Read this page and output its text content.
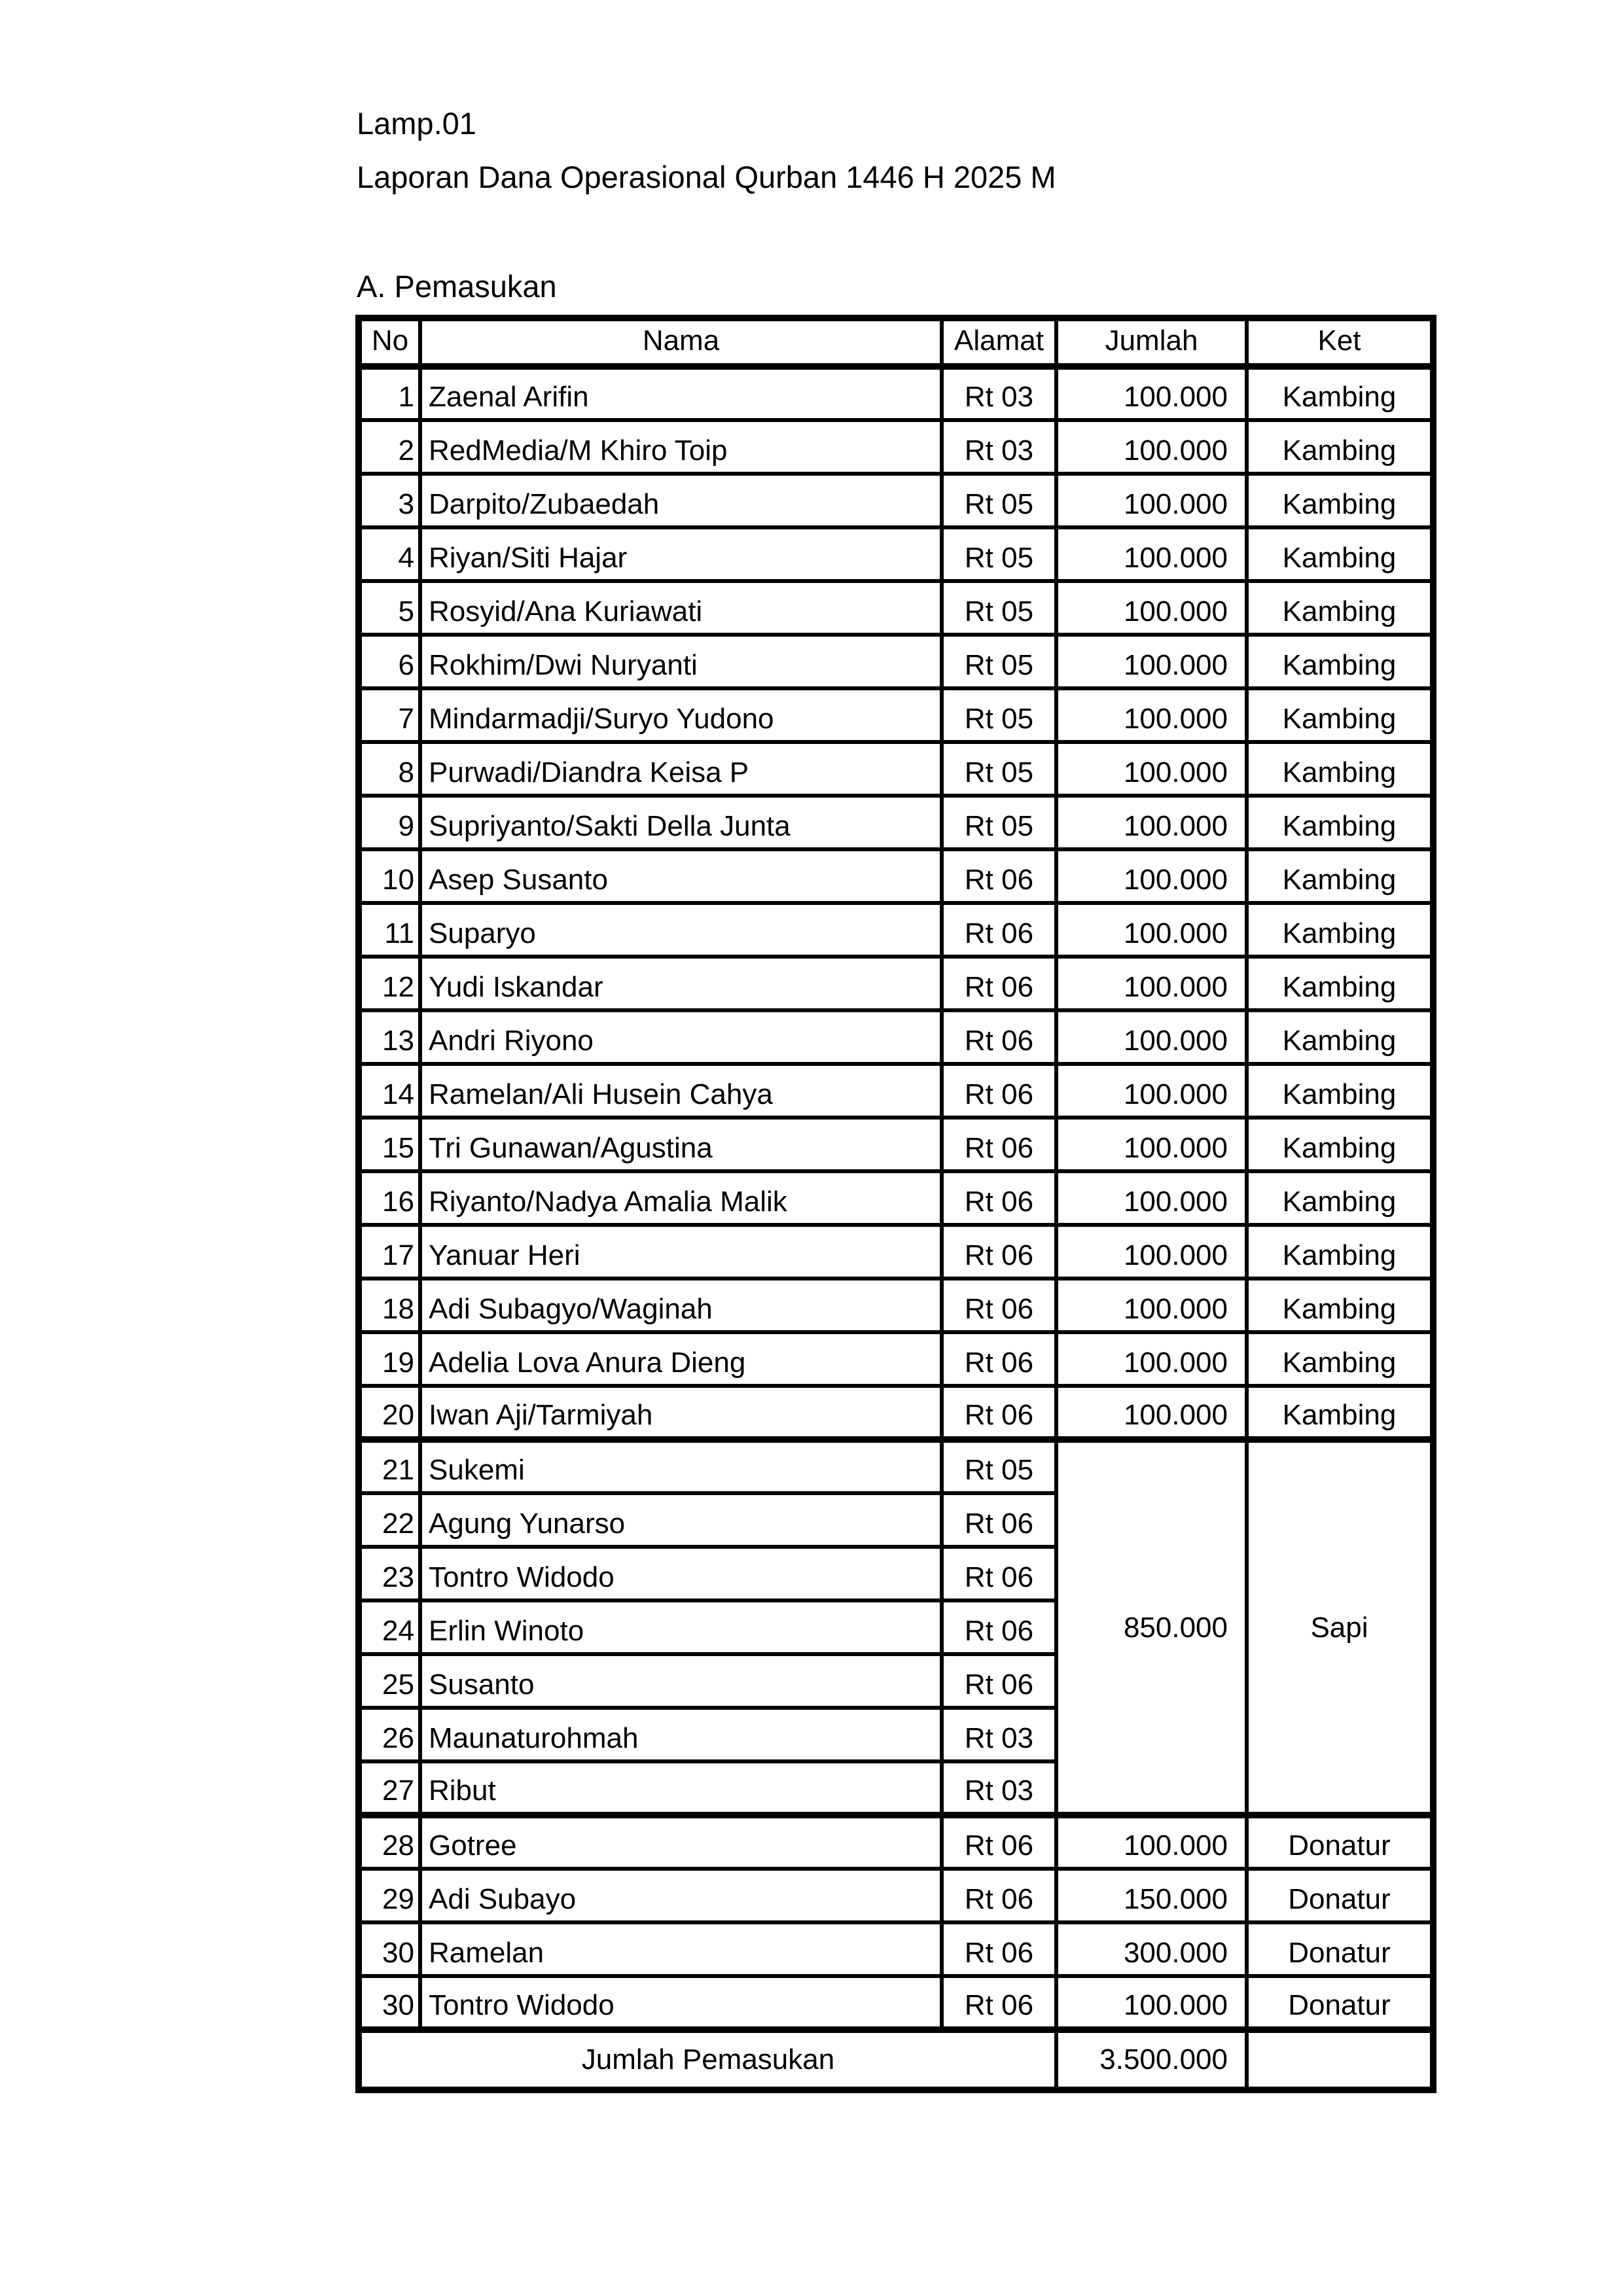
Lamp.01
Laporan Dana Operasional Qurban 1446 H 2025 M
A. Pemasukan
No	Nama	Alamat	Jumlah	Ket
1	Zaenal Arifin	Rt 03	100.000	Kambing
2	RedMedia/M Khiro Toip	Rt 03	100.000	Kambing
3	Darpito/Zubaedah	Rt 05	100.000	Kambing
4	Riyan/Siti Hajar	Rt 05	100.000	Kambing
5	Rosyid/Ana Kuriawati	Rt 05	100.000	Kambing
6	Rokhim/Dwi Nuryanti	Rt 05	100.000	Kambing
7	Mindarmadji/Suryo Yudono	Rt 05	100.000	Kambing
8	Purwadi/Diandra Keisa P	Rt 05	100.000	Kambing
9	Supriyanto/Sakti Della Junta	Rt 05	100.000	Kambing
10	Asep Susanto	Rt 06	100.000	Kambing
11	Suparyo	Rt 06	100.000	Kambing
12	Yudi Iskandar	Rt 06	100.000	Kambing
13	Andri Riyono	Rt 06	100.000	Kambing
14	Ramelan/Ali Husein Cahya	Rt 06	100.000	Kambing
15	Tri Gunawan/Agustina	Rt 06	100.000	Kambing
16	Riyanto/Nadya Amalia Malik	Rt 06	100.000	Kambing
17	Yanuar Heri	Rt 06	100.000	Kambing
18	Adi Subagyo/Waginah	Rt 06	100.000	Kambing
19	Adelia Lova Anura Dieng	Rt 06	100.000	Kambing
20	Iwan Aji/Tarmiyah	Rt 06	100.000	Kambing
21	Sukemi	Rt 05	850.000	Sapi
22	Agung Yunarso	Rt 06		
23	Tontro Widodo	Rt 06		
24	Erlin Winoto	Rt 06		
25	Susanto	Rt 06		
26	Maunaturohmah	Rt 03		
27	Ribut	Rt 03		
28	Gotree	Rt 06	100.000	Donatur
29	Adi Subayo	Rt 06	150.000	Donatur
30	Ramelan	Rt 06	300.000	Donatur
30	Tontro Widodo	Rt 06	100.000	Donatur
Jumlah Pemasukan			3.500.000	
